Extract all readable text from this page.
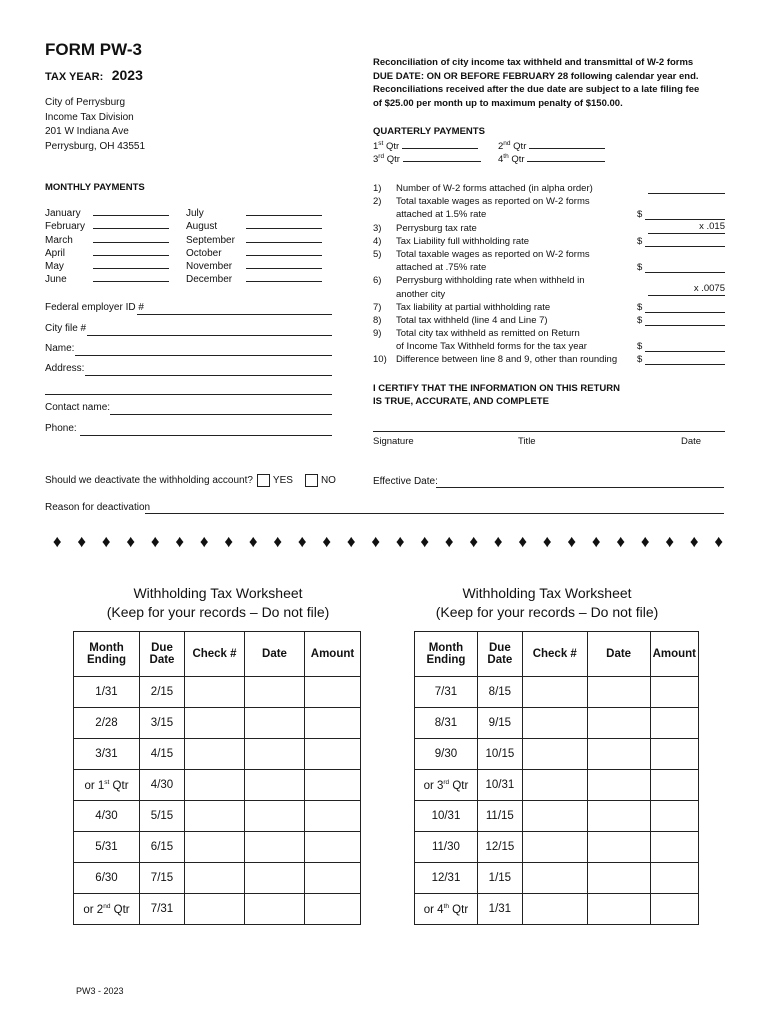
FORM PW-3
TAX YEAR: 2023
City of Perrysburg
Income Tax Division
201 W Indiana Ave
Perrysburg, OH 43551
Reconciliation of city income tax withheld and transmittal of W-2 forms
DUE DATE: ON OR BEFORE FEBRUARY 28 following calendar year end.
Reconciliations received after the due date are subject to a late filing fee
of $25.00 per month up to maximum penalty of $150.00.
QUARTERLY PAYMENTS
1st Qtr	2nd Qtr
3rd Qtr	4th Qtr
MONTHLY PAYMENTS
January
February
March
April
May
June
July
August
September
October
November
December
Federal employer ID #
City file #
Name:
Address:
Contact name:
Phone:
1) Number of W-2 forms attached (in alpha order)
2) Total taxable wages as reported on W-2 forms
attached at 1.5% rate	$
3) Perrysburg tax rate	x .015
4) Tax Liability full withholding rate	$
5) Total taxable wages as reported on W-2 forms
attached at .75% rate	$
6) Perrysburg withholding rate when withheld in
another city
x .0075
7) Tax liability at partial withholding rate	$
8) Total tax withheld (line 4 and Line 7)	$
9) Total city tax withheld as remitted on Return
of Income Tax Withheld forms for the tax year	$
10) Difference between line 8 and 9, other than rounding $
I CERTIFY THAT THE INFORMATION ON THIS RETURN
IS TRUE, ACCURATE, AND COMPLETE
Signature	Title	Date
Should we deactivate the withholding account? YES	NO	Effective Date:
Reason for deactivation
♦ ♦ ♦ ♦ ♦ ♦ ♦ ♦ ♦ ♦ ♦ ♦ ♦ ♦ ♦ ♦ ♦ ♦ ♦ ♦ ♦ ♦ ♦ ♦ ♦ ♦ ♦ ♦
Withholding Tax Worksheet
(Keep for your records – Do not file)
Withholding Tax Worksheet
(Keep for your records – Do not file)
Month
Ending	Due
Date	Check #	Date	Amount
1/31	2/15			
2/28	3/15			
3/31	4/15			
or 1st Qtr	4/30			
4/30	5/15			
5/31	6/15			
6/30	7/15			
or 2nd Qtr	7/31			
Month
Ending	Due
Date	Check #	Date	Amount
7/31	8/15			
8/31	9/15			
9/30	10/15			
or 3rd Qtr	10/31			
10/31	11/15			
11/30	12/15			
12/31	1/15			
or 4th Qtr	1/31			
PW3 - 2023
